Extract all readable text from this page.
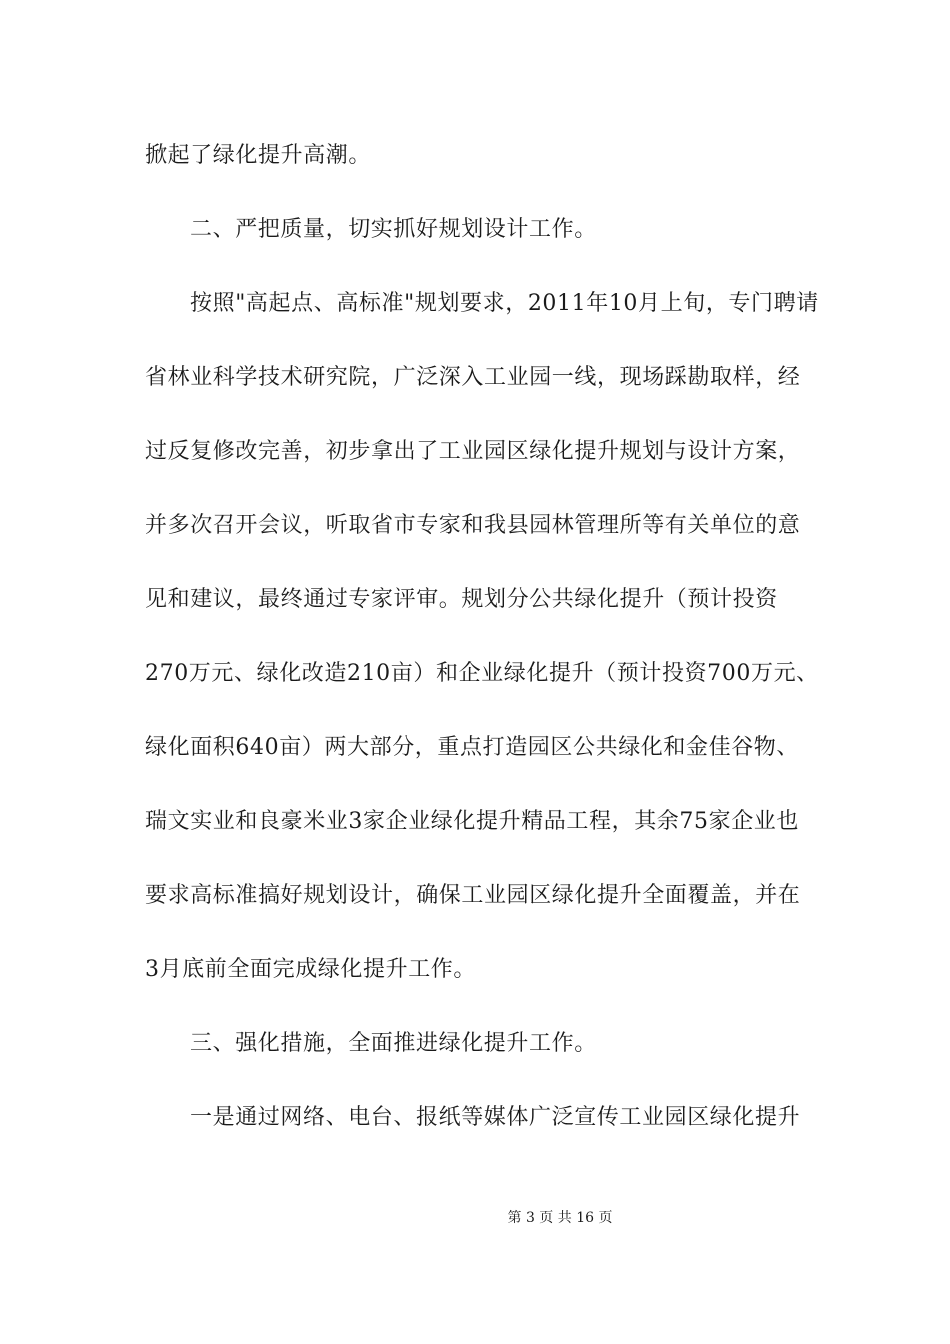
掀起了绿化提升高潮。
二、严把质量，切实抓好规划设计工作。
按照"高起点、高标准"规划要求，2011年10月上旬，专门聘请
省林业科学技术研究院，广泛深入工业园一线，现场踩勘取样，经
过反复修改完善，初步拿出了工业园区绿化提升规划与设计方案，
并多次召开会议，听取省市专家和我县园林管理所等有关单位的意
见和建议，最终通过专家评审。规划分公共绿化提升（预计投资
270万元、绿化改造210亩）和企业绿化提升（预计投资700万元、
绿化面积640亩）两大部分，重点打造园区公共绿化和金佳谷物、
瑞文实业和良豪米业3家企业绿化提升精品工程，其余75家企业也
要求高标准搞好规划设计，确保工业园区绿化提升全面覆盖，并在
3月底前全面完成绿化提升工作。
三、强化措施，全面推进绿化提升工作。
一是通过网络、电台、报纸等媒体广泛宣传工业园区绿化提升
第 3 页 共 16 页
